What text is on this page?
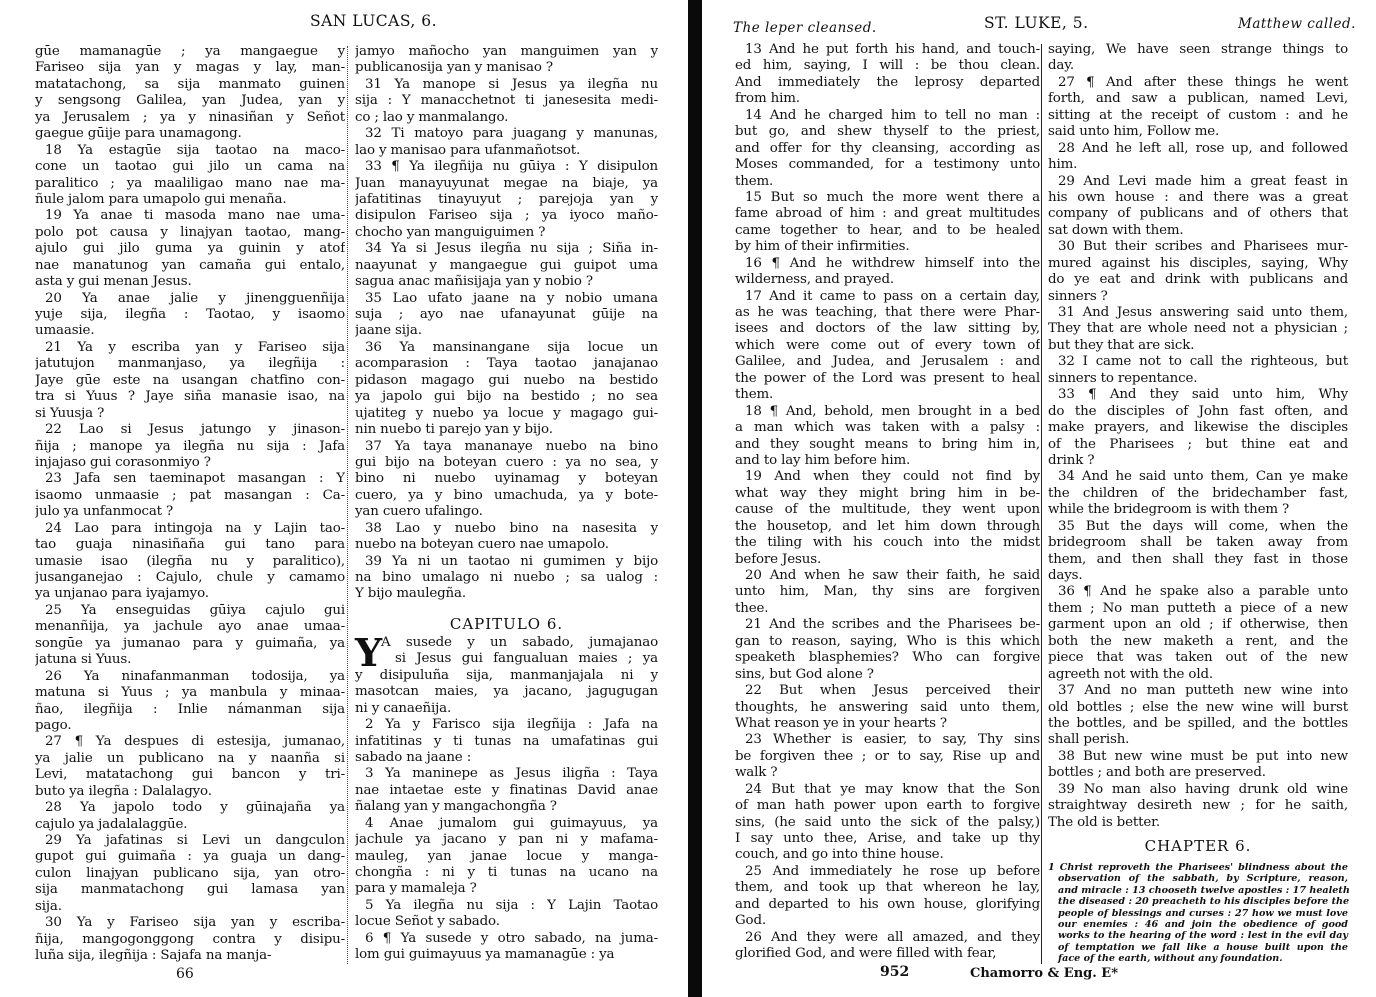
SAN LUCAS, 6.
gūe mamanagūe ; ya mangaegue y
Fariseo sija yan y magas y lay, man-
matatachong, sa sija manmato guinen
y sengsong Galilea, yan Judea, yan y
ya Jerusalem ; ya y ninasiñan y Señot
gaegue gūije para unamagong.
18 Ya estagūe sija taotao na maco-
cone un taotao gui jilo un cama na
paralitico ; ya maaliligao mano nae ma-
ñule jalom para umapolo gui menaña.
19 Ya anae ti masoda mano nae uma-
polo pot causa y linajyan taotao, mang-
ajulo gui jilo guma ya guinin y atof
nae manatunog yan camaña gui entalo,
asta y gui menan Jesus.
20 Ya anae jalie y jinengguenñija
yuje sija, ilegña : Taotao, y isaomo
umaasie.
21 Ya y escriba yan y Fariseo sija
jatutujon manmanjaso, ya ilegñija :
Jaye gūe este na usangan chatfino con-
tra si Yuus ? Jaye siña manasie isao, na
si Yuusja ?
22 Lao si Jesus jatungo y jinason-
ñija ; manope ya ilegña nu sija : Jafa
injajaso gui corasonmiyo ?
23 Jafa sen taeminapot masangan : Y
isaomo unmaasie ; pat masangan : Ca-
julo ya unfanmocat ?
24 Lao para intingoja na y Lajin tao-
tao guaja ninasiñaña gui tano para
umasie isao (ilegña nu y paralitico),
jusanganejao : Cajulo, chule y camamo
ya unjanao para iyajamyo.
25 Ya enseguidas gūiya cajulo gui
menanñija, ya jachule ayo anae umaa-
songūe ya jumanao para y guimaña, ya
jatuna si Yuus.
26 Ya ninafanmanman todosija, ya
matuna si Yuus ; ya manbula y minaa-
ñao, ilegñija : Inlie námanman sija
pago.
27 ¶ Ya despues di estesija, jumanao,
ya jalie un publicano na y naanña si
Levi, matatachong gui bancon y tri-
buto ya ilegña : Dalalagyo.
28 Ya japolo todo y gūinajaña ya
cajulo ya jadalalaggūe.
29 Ya jafatinas si Levi un dangculon
gupot gui guimaña : ya guaja un dang-
culon linajyan publicano sija, yan otro-
sija manmatachong gui lamasa yan
sija.
30 Ya y Fariseo sija yan y escriba-
ñija, mangogonggong contra y disipu-
luña sija, ilegñija : Sajafa na manja-
jamyo mañocho yan manguimen yan y
publicanosija yan y manisao ?
31 Ya manope si Jesus ya ilegña nu
sija : Y manacchetnot ti janesesita medi-
co ; lao y manmalango.
32 Ti matoyo para juagang y manunas,
lao y manisao para ufanmañotsot.
33 ¶ Ya ilegñija nu gūiya : Y disipulon
Juan manayuyunat megae na biaje, ya
jafatitinas tinayuyut ; parejoja yan y
disipulon Fariseo sija ; ya iyoco maño-
chocho yan manguiguimen ?
34 Ya si Jesus ilegña nu sija ; Siña in-
naayunat y mangaegue gui guipot uma
sagua anac mañisijaja yan y nobio ?
35 Lao ufato jaane na y nobio umana
suja ; ayo nae ufanayunat gūije na
jaane sija.
36 Ya mansinangane sija locue un
acomparasion : Taya taotao janajanao
pidason magago gui nuebo na bestido
ya japolo gui bijo na bestido ; no sea
ujatiteg y nuebo ya locue y magago gui-
nin nuebo ti parejo yan y bijo.
37 Ya taya mananaye nuebo na bino
gui bijo na boteyan cuero : ya no sea, y
bino ni nuebo uyinamag y boteyan
cuero, ya y bino umachuda, ya y bote-
yan cuero ufalingo.
38 Lao y nuebo bino na nasesita y
nuebo na boteyan cuero nae umapolo.
39 Ya ni un taotao ni gumimen y bijo
na bino umalago ni nuebo ; sa ualog :
Y bijo maulegña.
CAPITULO 6.
Y A susede y un sabado, jumajanao
si Jesus gui fangualuan maies ; ya
y disipuluña sija, manmanjajala ni y
masotcan maies, ya jacano, jagugugan
ni y canaeñija.
2 Ya y Farisco sija ilegñija : Jafa na
infatitinas y ti tunas na umafatinas gui
sabado na jaane :
3 Ya maninepe as Jesus iligña : Taya
nae intaetae este y finatinas David anae
ñalang yan y mangachongña ?
4 Anae jumalom gui guimayuus, ya
jachule ya jacano y pan ni y mafama-
mauleg, yan janae locue y manga-
chongña : ni y ti tunas na ucano na
para y mamaleja ?
5 Ya ilegña nu sija : Y Lajin Taotao
locue Señot y sabado.
6 ¶ Ya susede y otro sabado, na juma-
lom gui guimayuus ya mamanagūe : ya
66
The leper cleansed.	ST. LUKE, 5.	Matthew called.
13 And he put forth his hand, and touch-
ed him, saying, I will : be thou clean.
And immediately the leprosy departed
from him.
14 And he charged him to tell no man :
but go, and shew thyself to the priest,
and offer for thy cleansing, according as
Moses commanded, for a testimony unto
them.
15 But so much the more went there a
fame abroad of him : and great multitudes
came together to hear, and to be healed
by him of their infirmities.
16 ¶ And he withdrew himself into the
wilderness, and prayed.
17 And it came to pass on a certain day,
as he was teaching, that there were Phar-
isees and doctors of the law sitting by,
which were come out of every town of
Galilee, and Judea, and Jerusalem : and
the power of the Lord was present to heal
them.
18 ¶ And, behold, men brought in a bed
a man which was taken with a palsy :
and they sought means to bring him in,
and to lay him before him.
19 And when they could not find by
what way they might bring him in be-
cause of the multitude, they went upon
the housetop, and let him down through
the tiling with his couch into the midst
before Jesus.
20 And when he saw their faith, he said
unto him, Man, thy sins are forgiven
thee.
21 And the scribes and the Pharisees be-
gan to reason, saying, Who is this which
speaketh blasphemies? Who can forgive
sins, but God alone ?
22 But when Jesus perceived their
thoughts, he answering said unto them,
What reason ye in your hearts ?
23 Whether is easier, to say, Thy sins
be forgiven thee ; or to say, Rise up and
walk ?
24 But that ye may know that the Son
of man hath power upon earth to forgive
sins, (he said unto the sick of the palsy,)
I say unto thee, Arise, and take up thy
couch, and go into thine house.
25 And immediately he rose up before
them, and took up that whereon he lay,
and departed to his own house, glorifying
God.
26 And they were all amazed, and they
glorified God, and were filled with fear,
saying, We have seen strange things to
day.
27 ¶ And after these things he went
forth, and saw a publican, named Levi,
sitting at the receipt of custom : and he
said unto him, Follow me.
28 And he left all, rose up, and followed
him.
29 And Levi made him a great feast in
his own house : and there was a great
company of publicans and of others that
sat down with them.
30 But their scribes and Pharisees mur-
mured against his disciples, saying, Why
do ye eat and drink with publicans and
sinners ?
31 And Jesus answering said unto them,
They that are whole need not a physician ;
but they that are sick.
32 I came not to call the righteous, but
sinners to repentance.
33 ¶ And they said unto him, Why
do the disciples of John fast often, and
make prayers, and likewise the disciples
of the Pharisees ; but thine eat and
drink ?
34 And he said unto them, Can ye make
the children of the bridechamber fast,
while the bridegroom is with them ?
35 But the days will come, when the
bridegroom shall be taken away from
them, and then shall they fast in those
days.
36 ¶ And he spake also a parable unto
them ; No man putteth a piece of a new
garment upon an old ; if otherwise, then
both the new maketh a rent, and the
piece that was taken out of the new
agreeth not with the old.
37 And no man putteth new wine into
old bottles ; else the new wine will burst
the bottles, and be spilled, and the bottles
shall perish.
38 But new wine must be put into new
bottles ; and both are preserved.
39 No man also having drunk old wine
straightway desireth new ; for he saith,
The old is better.
CHAPTER 6.
1 Christ reproveth the Pharisees' blindness about the
observation of the sabbath, by Scripture, reason,
and miracle : 13 chooseth twelve apostles : 17 healeth
the diseased : 20 preacheth to his disciples before the
people of blessings and curses : 27 how we must love
our enemies : 46 and join the obedience of good
works to the hearing of the word : lest in the evil day
of temptation we fall like a house built upon the
face of the earth, without any foundation.
952	Chamorro & Eng. E*
